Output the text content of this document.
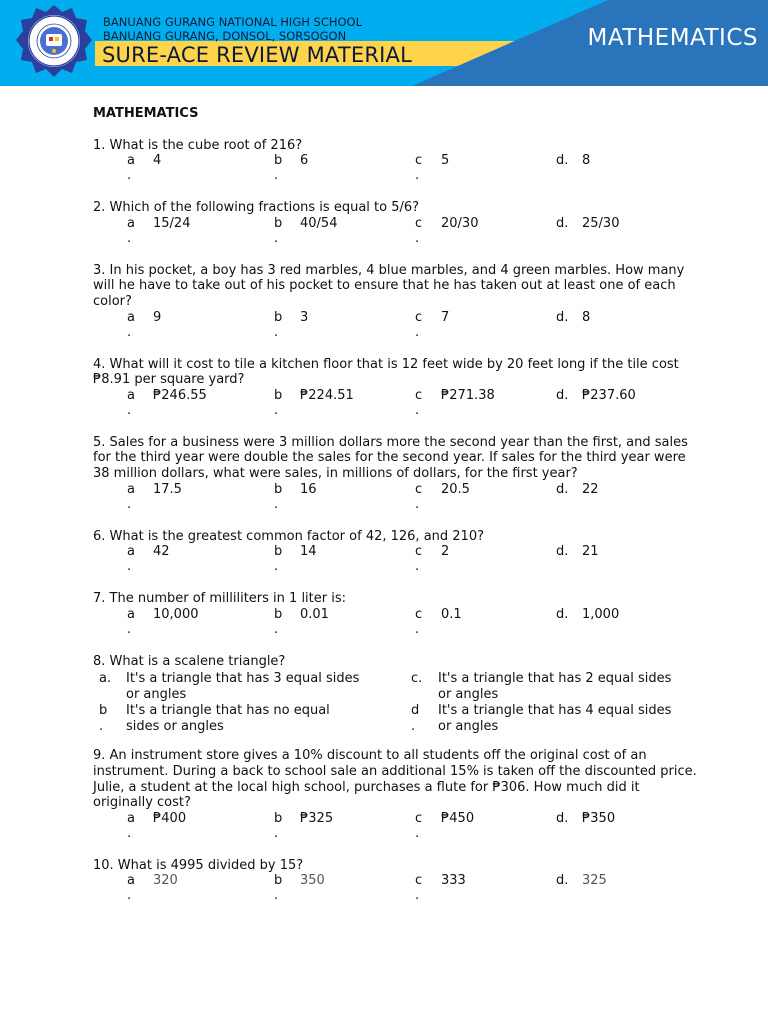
BANUANG GURANG NATIONAL HIGH SCHOOL
BANUANG GURANG, DONSOL, SORSOGON
SURE-ACE REVIEW MATERIAL
MATHEMATICS
MATHEMATICS
1. What is the cube root of 216?
a 4
.
b 6
.
c 5
.
d. 8
2. Which of the following fractions is equal to 5/6?
a 15/24
.
b 40/54
.
c 20/30
.
d. 25/30
3. In his pocket, a boy has 3 red marbles, 4 blue marbles, and 4 green marbles. How many will he have to take out of his pocket to ensure that he has taken out at least one of each color?
a 9
.
b 3
.
c 7
.
d. 8
4. What will it cost to tile a kitchen floor that is 12 feet wide by 20 feet long if the tile cost ₱8.91 per square yard?
a ₱246.55
.
b ₱224.51
.
c ₱271.38
.
d. ₱237.60
5. Sales for a business were 3 million dollars more the second year than the first, and sales for the third year were double the sales for the second year. If sales for the third year were 38 million dollars, what were sales, in millions of dollars, for the first year?
a 17.5
.
b 16
.
c 20.5
.
d. 22
6. What is the greatest common factor of 42, 126, and 210?
a 42
.
b 14
.
c 2
.
d. 21
7. The number of milliliters in 1 liter is:
a 10,000
.
b 0.01
.
c 0.1
.
d. 1,000
8. What is a scalene triangle?
a.	It's a triangle that has 3 equal sides or angles
c.	It's a triangle that has 2 equal sides or angles
b
.
It's a triangle that has no equal sides or angles
d
.
It's a triangle that has 4 equal sides or angles
9. An instrument store gives a 10% discount to all students off the original cost of an instrument. During a back to school sale an additional 15% is taken off the discounted price. Julie, a student at the local high school, purchases a flute for ₱306. How much did it originally cost?
a ₱400
.
b ₱325
.
c ₱450
.
d. ₱350
10. What is 4995 divided by 15?
a 320
.
b 350
.
c 333
.
d. 325
